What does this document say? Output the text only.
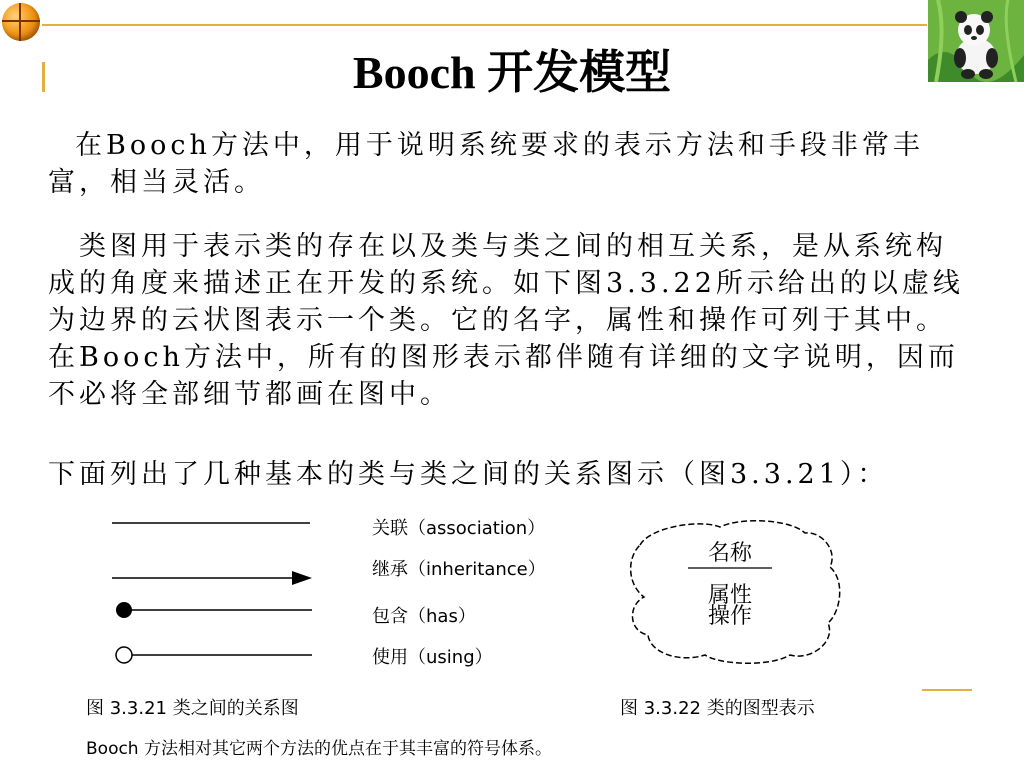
Booch 开发模型

在Booch方法中，用于说明系统要求的表示方法和手段非常丰富，相当灵活。

类图用于表示类的存在以及类与类之间的相互关系，是从系统构成的角度来描述正在开发的系统。如下图3.3.22所示给出的以虚线为边界的云状图表示一个类。它的名字，属性和操作可列于其中。在Booch方法中，所有的图形表示都伴随有详细的文字说明，因而不必将全部细节都画在图中。

下面列出了几种基本的类与类之间的关系图示（图3.3.21）：

关联（association）
继承（inheritance）
包含（has）
使用（using）
名称
属性
操作
图 3.3.21 类之间的关系图	图 3.3.22 类的图型表示
Booch 方法相对其它两个方法的优点在于其丰富的符号体系。
